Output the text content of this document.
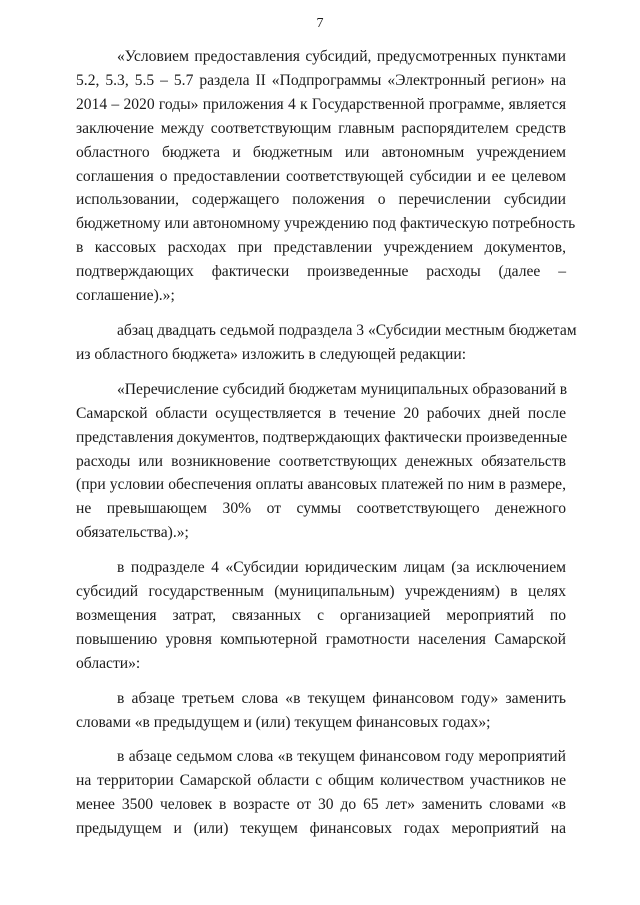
7

«Условием предоставления субсидий, предусмотренных пунктами
5.2, 5.3, 5.5 – 5.7 раздела II «Подпрограммы «Электронный регион» на
2014 – 2020 годы» приложения 4 к Государственной программе, является
заключение между соответствующим главным распорядителем средств
областного бюджета и бюджетным или автономным учреждением
соглашения о предоставлении соответствующей субсидии и ее целевом
использовании, содержащего положения о перечислении субсидии
бюджетному или автономному учреждению под фактическую потребность
в кассовых расходах при представлении учреждением документов,
подтверждающих фактически произведенные расходы (далее –
соглашение).»;

абзац двадцать седьмой подраздела 3 «Субсидии местным бюджетам
из областного бюджета» изложить в следующей редакции:

«Перечисление субсидий бюджетам муниципальных образований в
Самарской области осуществляется в течение 20 рабочих дней после
представления документов, подтверждающих фактически произведенные
расходы или возникновение соответствующих денежных обязательств
(при условии обеспечения оплаты авансовых платежей по ним в размере,
не превышающем 30% от суммы соответствующего денежного
обязательства).»;

в подразделе 4 «Субсидии юридическим лицам (за исключением
субсидий государственным (муниципальным) учреждениям) в целях
возмещения затрат, связанных с организацией мероприятий по
повышению уровня компьютерной грамотности населения Самарской
области»:

в абзаце третьем слова «в текущем финансовом году» заменить
словами «в предыдущем и (или) текущем финансовых годах»;

в абзаце седьмом слова «в текущем финансовом году мероприятий
на территории Самарской области с общим количеством участников не
менее 3500 человек в возрасте от 30 до 65 лет» заменить словами «в
предыдущем и (или) текущем финансовых годах мероприятий на
